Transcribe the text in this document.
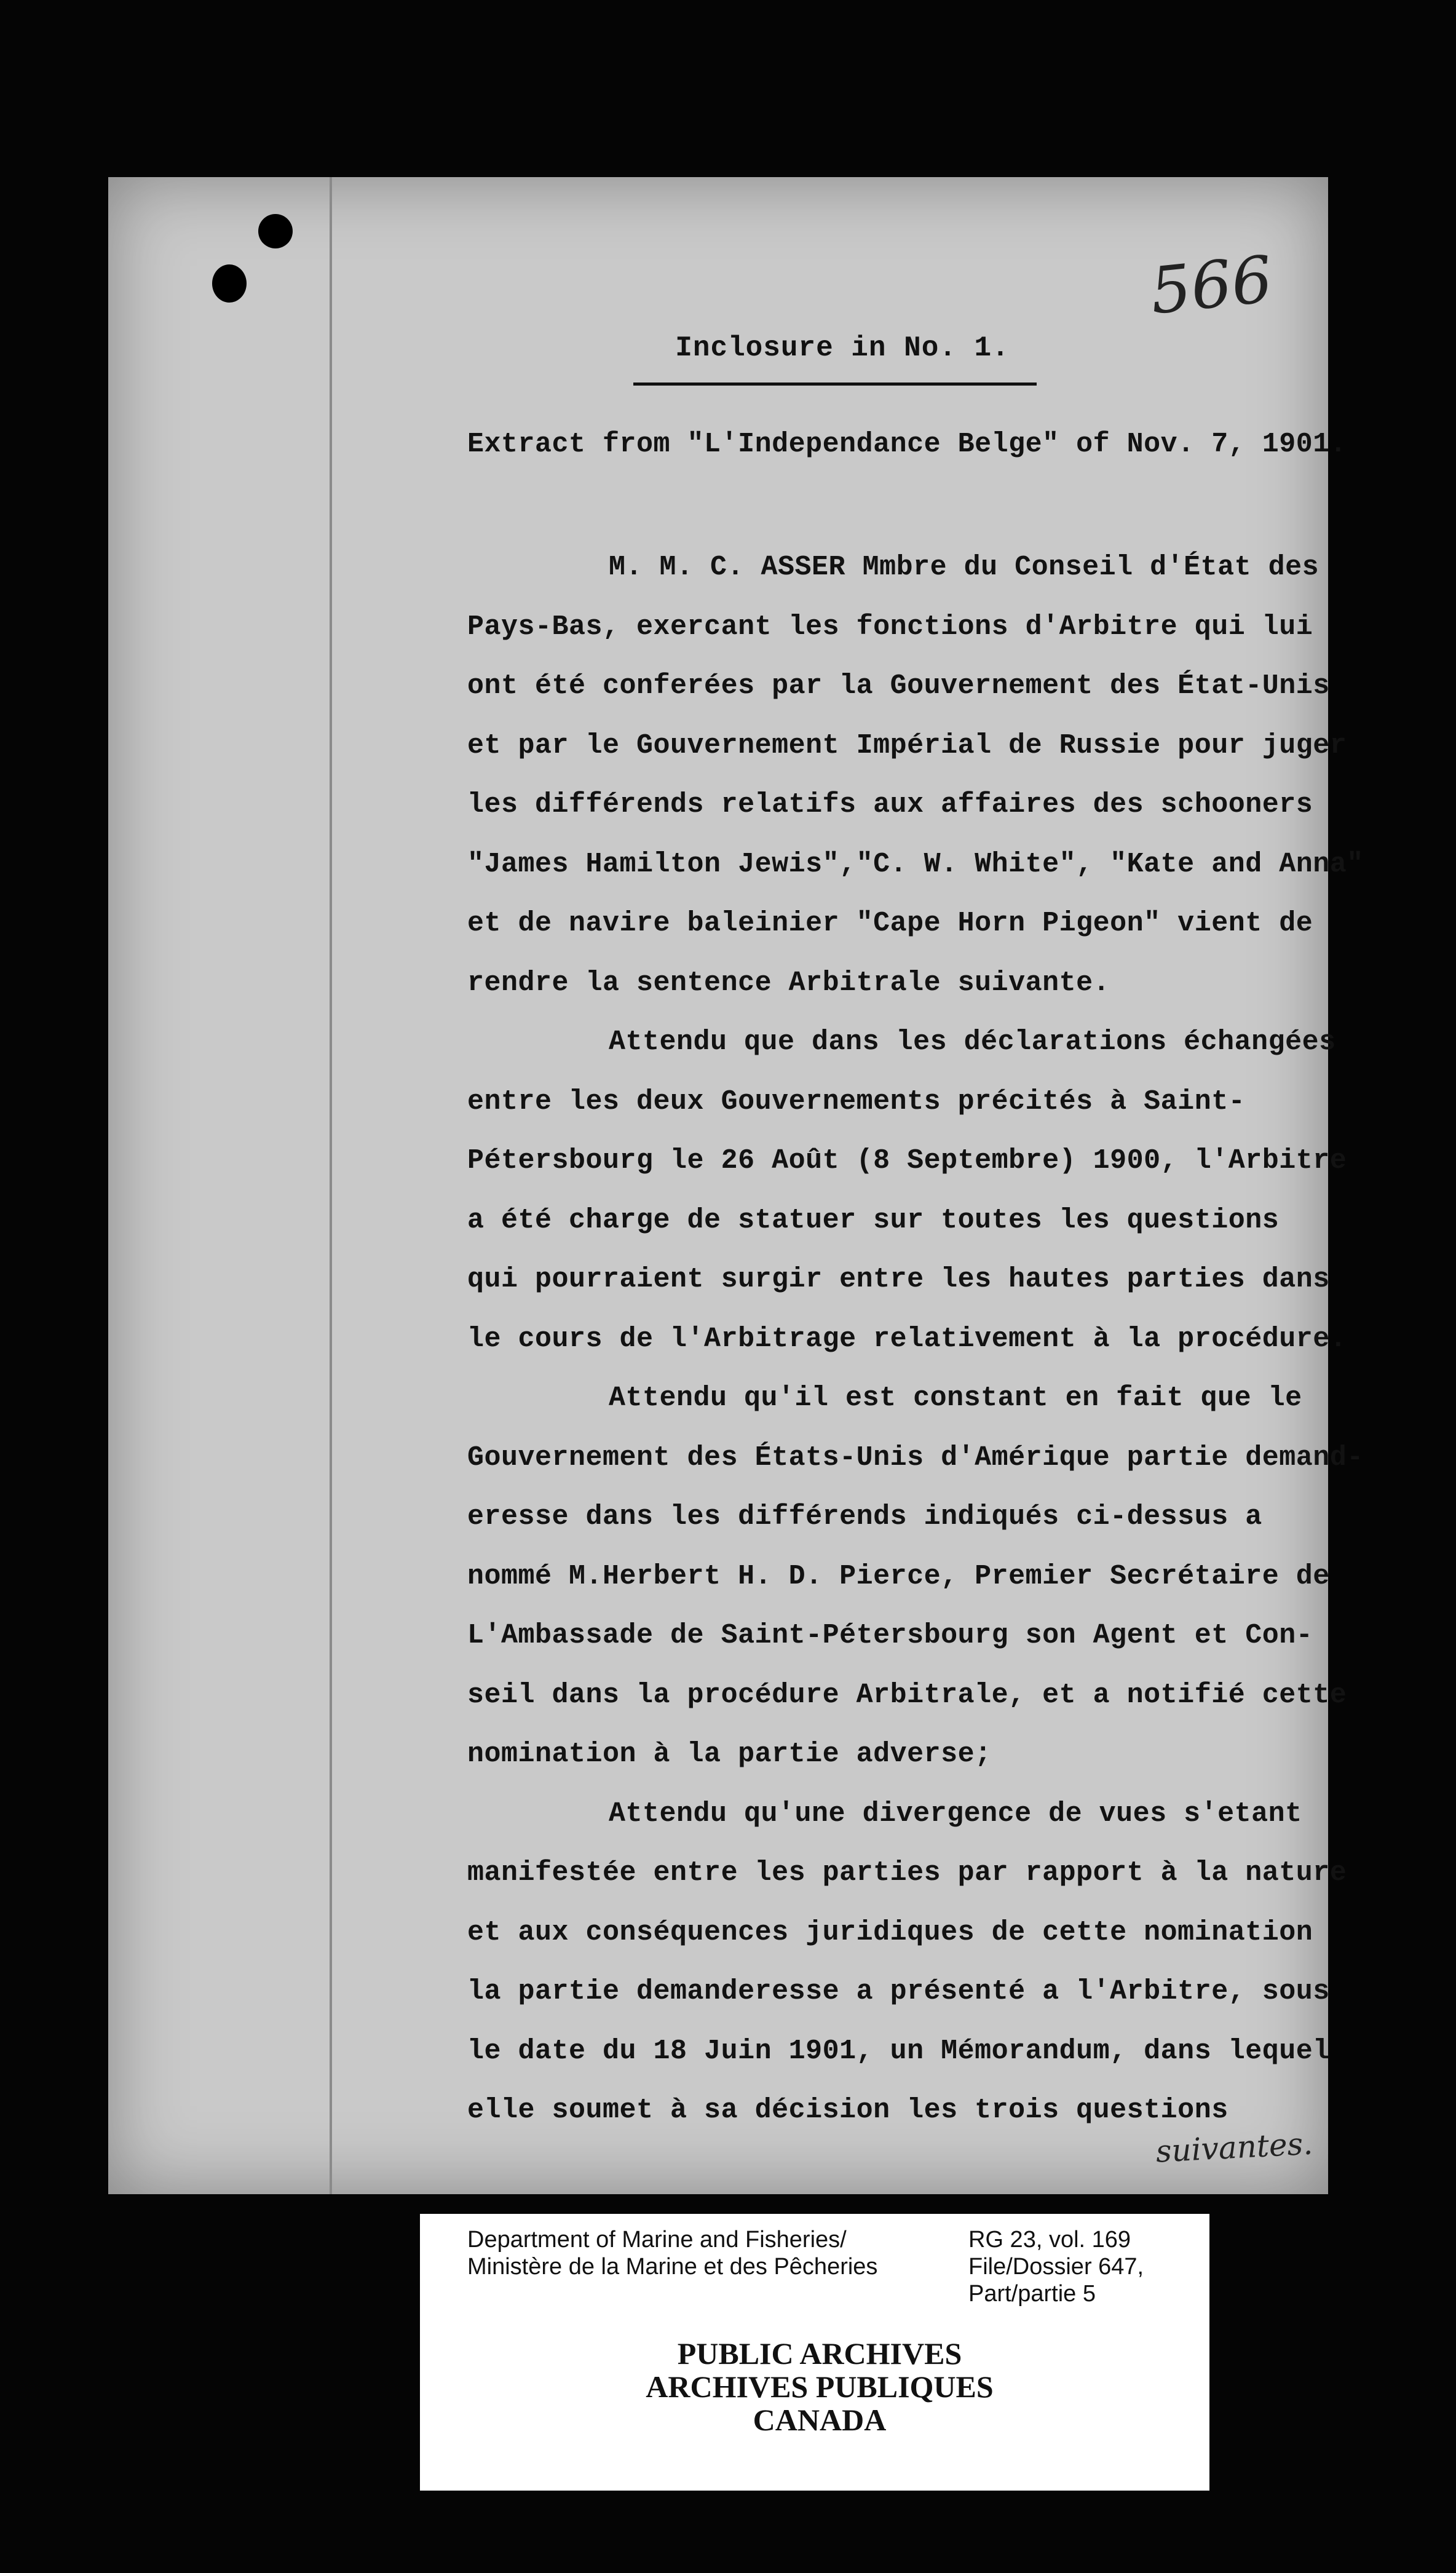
566
Inclosure in No. 1.
Extract from "L'Independance Belge" of Nov. 7, 1901.
M. M. C. ASSER Mmbre du Conseil d'État des
Pays-Bas, exercant les fonctions d'Arbitre qui lui
ont été conferées par la Gouvernement des État-Unis
et par le Gouvernement Impérial de Russie pour juger
les différends relatifs aux affaires des schooners
"James Hamilton Jewis","C. W. White", "Kate and Anna"
et de navire baleinier "Cape Horn Pigeon" vient de
rendre la sentence Arbitrale suivante.
Attendu que dans les déclarations échangées
entre les deux Gouvernements précités à Saint-
Pétersbourg le 26 Août (8 Septembre) 1900, l'Arbitre
a été charge de statuer sur toutes les questions
qui pourraient surgir entre les hautes parties dans
le cours de l'Arbitrage relativement à la procédure.
Attendu qu'il est constant en fait que le
Gouvernement des États-Unis d'Amérique partie demand-
eresse dans les différends indiqués ci-dessus a
nommé M.Herbert H. D. Pierce, Premier Secrétaire de
L'Ambassade de Saint-Pétersbourg son Agent et Con-
seil dans la procédure Arbitrale, et a notifié cette
nomination à la partie adverse;
Attendu qu'une divergence de vues s'etant
manifestée entre les parties par rapport à la nature
et aux conséquences juridiques de cette nomination
la partie demanderesse a présenté a l'Arbitre, sous
le date du 18 Juin 1901, un Mémorandum, dans lequel
elle soumet à sa décision les trois questions
suivantes.
Department of Marine and Fisheries/
Ministère de la Marine et des Pêcheries
RG 23, vol. 169
File/Dossier 647,
Part/partie 5
PUBLIC ARCHIVES
ARCHIVES PUBLIQUES
CANADA
